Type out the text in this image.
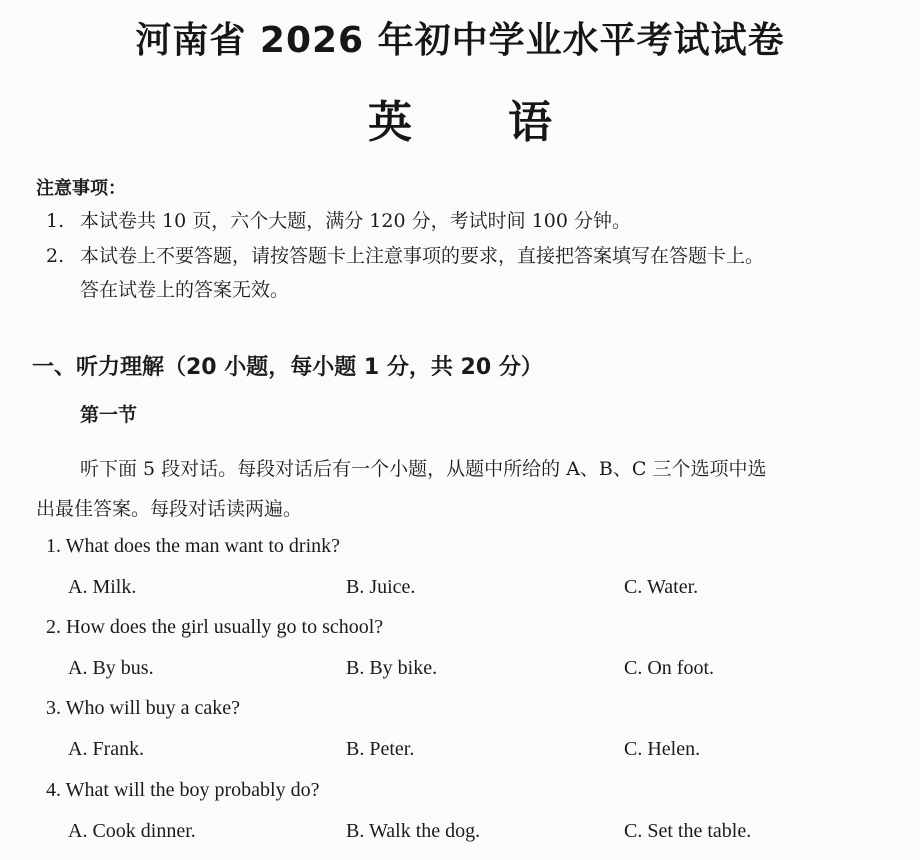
河南省 2026 年初中学业水平考试试卷
英语
注意事项：
1. 本试卷共 10 页，六个大题，满分 120 分，考试时间 100 分钟。
2. 本试卷上不要答题，请按答题卡上注意事项的要求，直接把答案填写在答题卡上。
答在试卷上的答案无效。
一、听力理解（20 小题，每小题 1 分，共 20 分）
第一节
听下面 5 段对话。每段对话后有一个小题，从题中所给的 A、B、C 三个选项中选
出最佳答案。每段对话读两遍。
1. What does the man want to drink?
A. Milk.	B. Juice.	C. Water.
2. How does the girl usually go to school?
A. By bus.	B. By bike.	C. On foot.
3. Who will buy a cake?
A. Frank.	B. Peter.	C. Helen.
4. What will the boy probably do?
A. Cook dinner.	B. Walk the dog.	C. Set the table.
